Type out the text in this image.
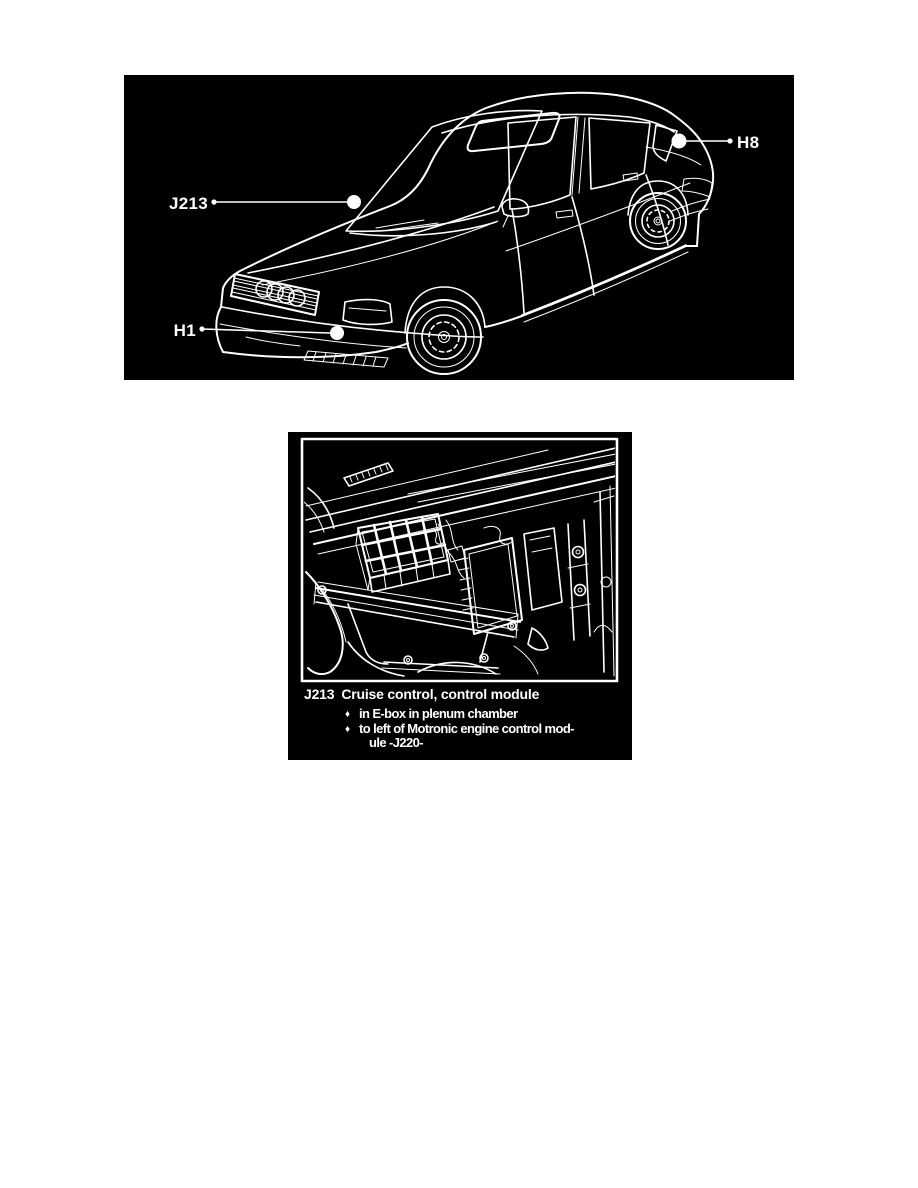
J213
H8
H1
J213 Cruise control, control module
♦ in E-box in plenum chamber
♦ to left of Motronic engine control mod-
ule -J220-
